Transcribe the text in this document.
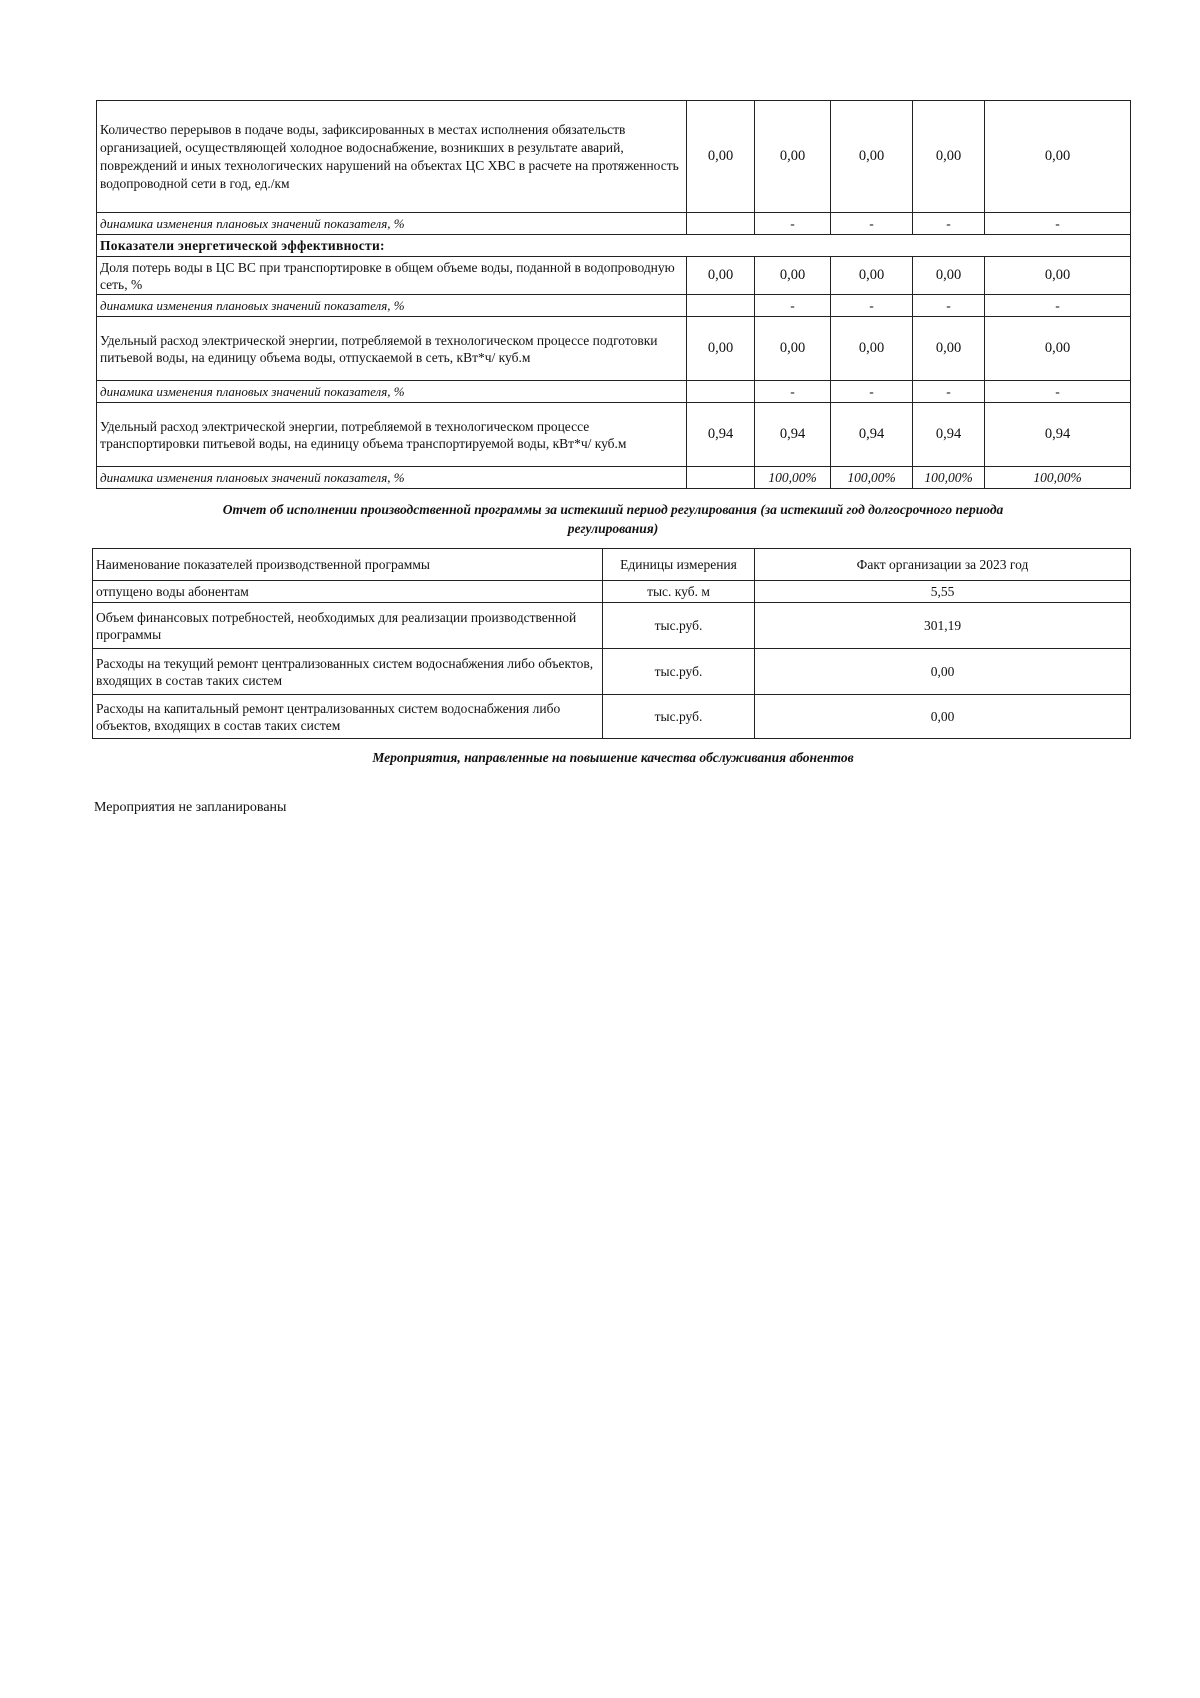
Количество перерывов в подаче воды, зафиксированных в местах исполнения обязательств организацией, осуществляющей холодное водоснабжение, возникших в результате аварий, повреждений и иных технологических нарушений на объектах ЦС ХВС в расчете на протяженность водопроводной сети в год, ед./км	0,00	0,00	0,00	0,00	0,00
динамика изменения плановых значений показателя, %		-	-	-	-
Показатели энергетической эффективности:					
Доля потерь воды в ЦС ВС при транспортировке в общем объеме воды, поданной в водопроводную сеть, %	0,00	0,00	0,00	0,00	0,00
динамика изменения плановых значений показателя, %		-	-	-	-
Удельный расход электрической энергии, потребляемой в технологическом процессе подготовки питьевой воды, на единицу объема воды, отпускаемой в сеть, кВт*ч/ куб.м	0,00	0,00	0,00	0,00	0,00
динамика изменения плановых значений показателя, %		-	-	-	-
Удельный расход электрической энергии, потребляемой в технологическом процессе транспортировки питьевой воды, на единицу объема транспортируемой воды, кВт*ч/ куб.м	0,94	0,94	0,94	0,94	0,94
динамика изменения плановых значений показателя, %		100,00%	100,00%	100,00%	100,00%
Отчет об исполнении производственной программы за истекший период регулирования (за истекший год долгосрочного периода
регулирования)
Наименование показателей производственной программы	Единицы измерения	Факт организации за 2023 год
отпущено воды абонентам	тыс. куб. м	5,55
Объем финансовых потребностей, необходимых для реализации производственной программы	тыс.руб.	301,19
Расходы на текущий ремонт централизованных систем водоснабжения либо объектов, входящих в состав таких систем	тыс.руб.	0,00
Расходы на капитальный ремонт централизованных систем водоснабжения либо объектов, входящих в состав таких систем	тыс.руб.	0,00
Мероприятия, направленные на повышение качества обслуживания абонентов
Мероприятия не запланированы
